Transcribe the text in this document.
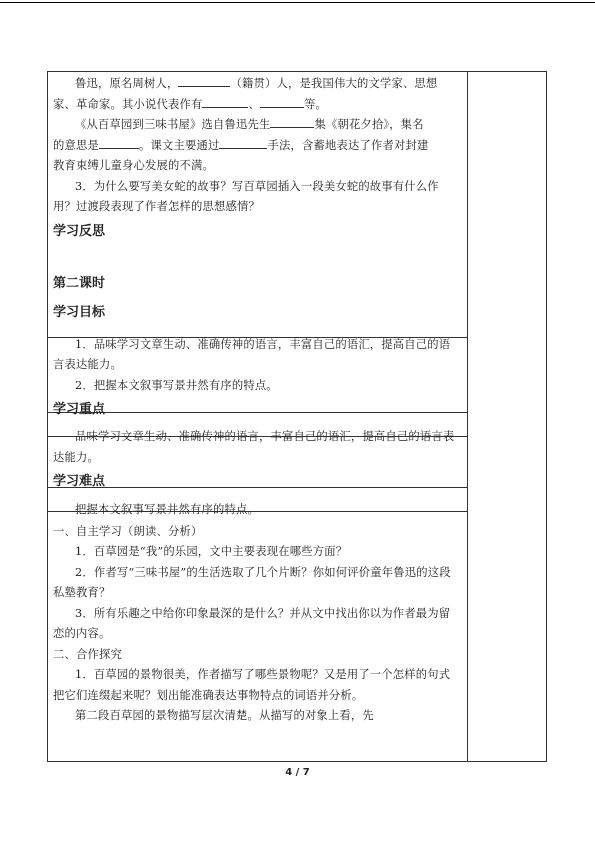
鲁迅，原名周树人，	（籍贯）人，是我国伟大的文学家、思想

家、革命家。其小说代表作有	、	等。

《从百草园到三味书屋》选自鲁迅先生	集《朝花夕拾》，集名

的意思是	。课文主要通过	手法，含蓄地表达了作者对封建

教育束缚儿童身心发展的不满。

3．为什么要写美女蛇的故事？写百草园插入一段美女蛇的故事有什么作用？过渡段表现了作者怎样的思想感情？

学习反思
第二课时
学习目标

1．品味学习文章生动、准确传神的语言，丰富自己的语汇，提高自己的语言表达能力。

2．把握本文叙事写景井然有序的特点。

学习重点

品味学习文章生动、准确传神的语言，丰富自己的语汇，提高自己的语言表达能力。

学习难点

把握本文叙事写景井然有序的特点。

一、自主学习（朗读、分析）

1．百草园是“我”的乐园，文中主要表现在哪些方面？

2．作者写“三味书屋”的生活选取了几个片断？你如何评价童年鲁迅的这段私塾教育？

3．所有乐趣之中给你印象最深的是什么？并从文中找出你以为作者最为留恋的内容。

二、合作探究

1．百草园的景物很美，作者描写了哪些景物呢？又是用了一个怎样的句式把它们连缀起来呢？划出能准确表达事物特点的词语并分析。

第二段百草园的景物描写层次清楚。从描写的对象上看，先

4 / 7
